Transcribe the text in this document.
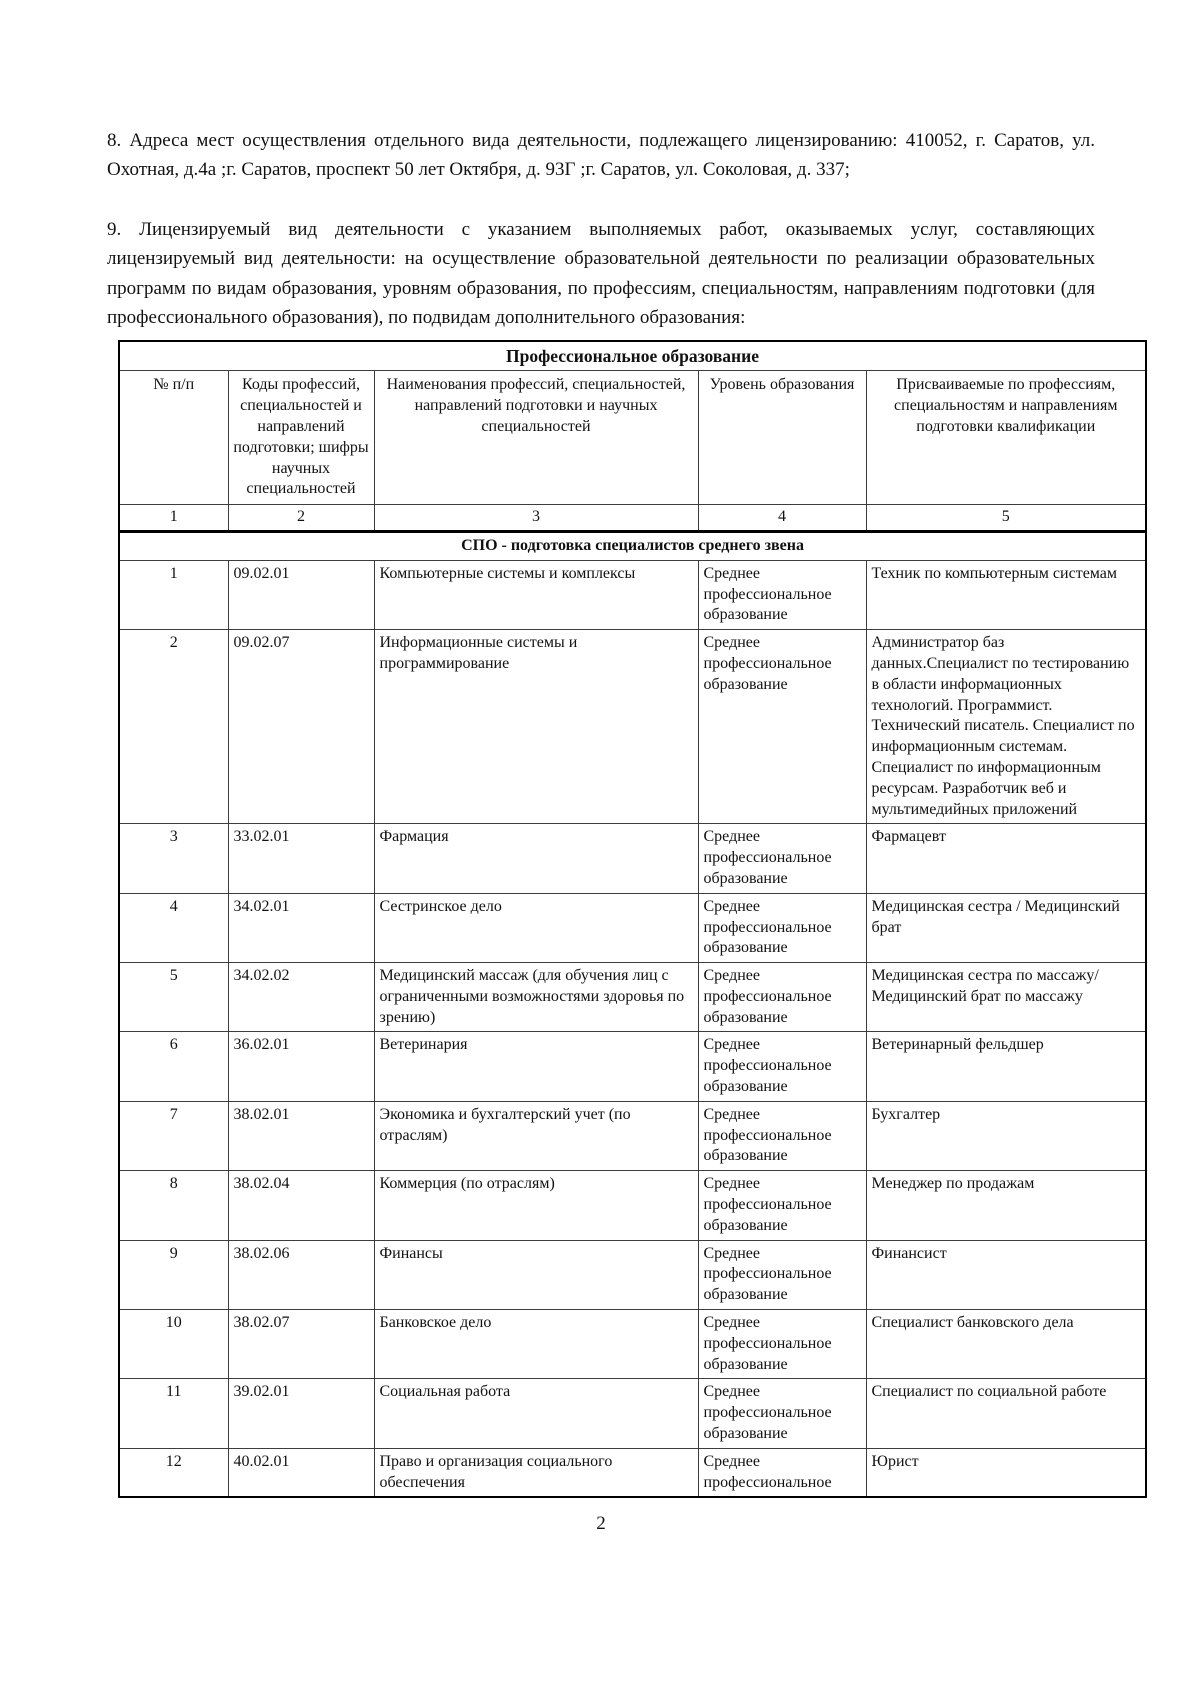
8. Адреса мест осуществления отдельного вида деятельности, подлежащего лицензированию: 410052, г. Саратов, ул. Охотная, д.4а ;г. Саратов, проспект 50 лет Октября, д. 93Г ;г. Саратов, ул. Соколовая, д. 337;

9. Лицензируемый вид деятельности с указанием выполняемых работ, оказываемых услуг, составляющих лицензируемый вид деятельности: на осуществление образовательной деятельности по реализации образовательных программ по видам образования, уровням образования, по профессиям, специальностям, направлениям подготовки (для профессионального образования), по подвидам дополнительного образования:

Профессиональное образование				
№ п/п	Коды профессий, специальностей и направлений подготовки; шифры научных специальностей	Наименования профессий, специальностей, направлений подготовки и научных специальностей	Уровень образования	Присваиваемые по профессиям, специальностям и направлениям подготовки квалификации
1	2	3	4	5
СПО - подготовка специалистов среднего звена				
1	09.02.01	Компьютерные системы и комплексы	Среднее профессиональное образование	Техник по компьютерным системам
2	09.02.07	Информационные системы и программирование	Среднее профессиональное образование	Администратор баз данных.Специалист по тестированию в области информационных технологий. Программист. Технический писатель. Специалист по информационным системам. Специалист по информационным ресурсам. Разработчик веб и мультимедийных приложений
3	33.02.01	Фармация	Среднее профессиональное образование	Фармацевт
4	34.02.01	Сестринское дело	Среднее профессиональное образование	Медицинская сестра / Медицинский брат
5	34.02.02	Медицинский массаж (для обучения лиц с ограниченными возможностями здоровья по зрению)	Среднее профессиональное образование	Медицинская сестра по массажу/Медицинский брат по массажу
6	36.02.01	Ветеринария	Среднее профессиональное образование	Ветеринарный фельдшер
7	38.02.01	Экономика и бухгалтерский учет (по отраслям)	Среднее профессиональное образование	Бухгалтер
8	38.02.04	Коммерция (по отраслям)	Среднее профессиональное образование	Менеджер по продажам
9	38.02.06	Финансы	Среднее профессиональное образование	Финансист
10	38.02.07	Банковское дело	Среднее профессиональное образование	Специалист банковского дела
11	39.02.01	Социальная работа	Среднее профессиональное образование	Специалист по социальной работе
12	40.02.01	Право и организация социального обеспечения	Среднее профессиональное	Юрист
2
